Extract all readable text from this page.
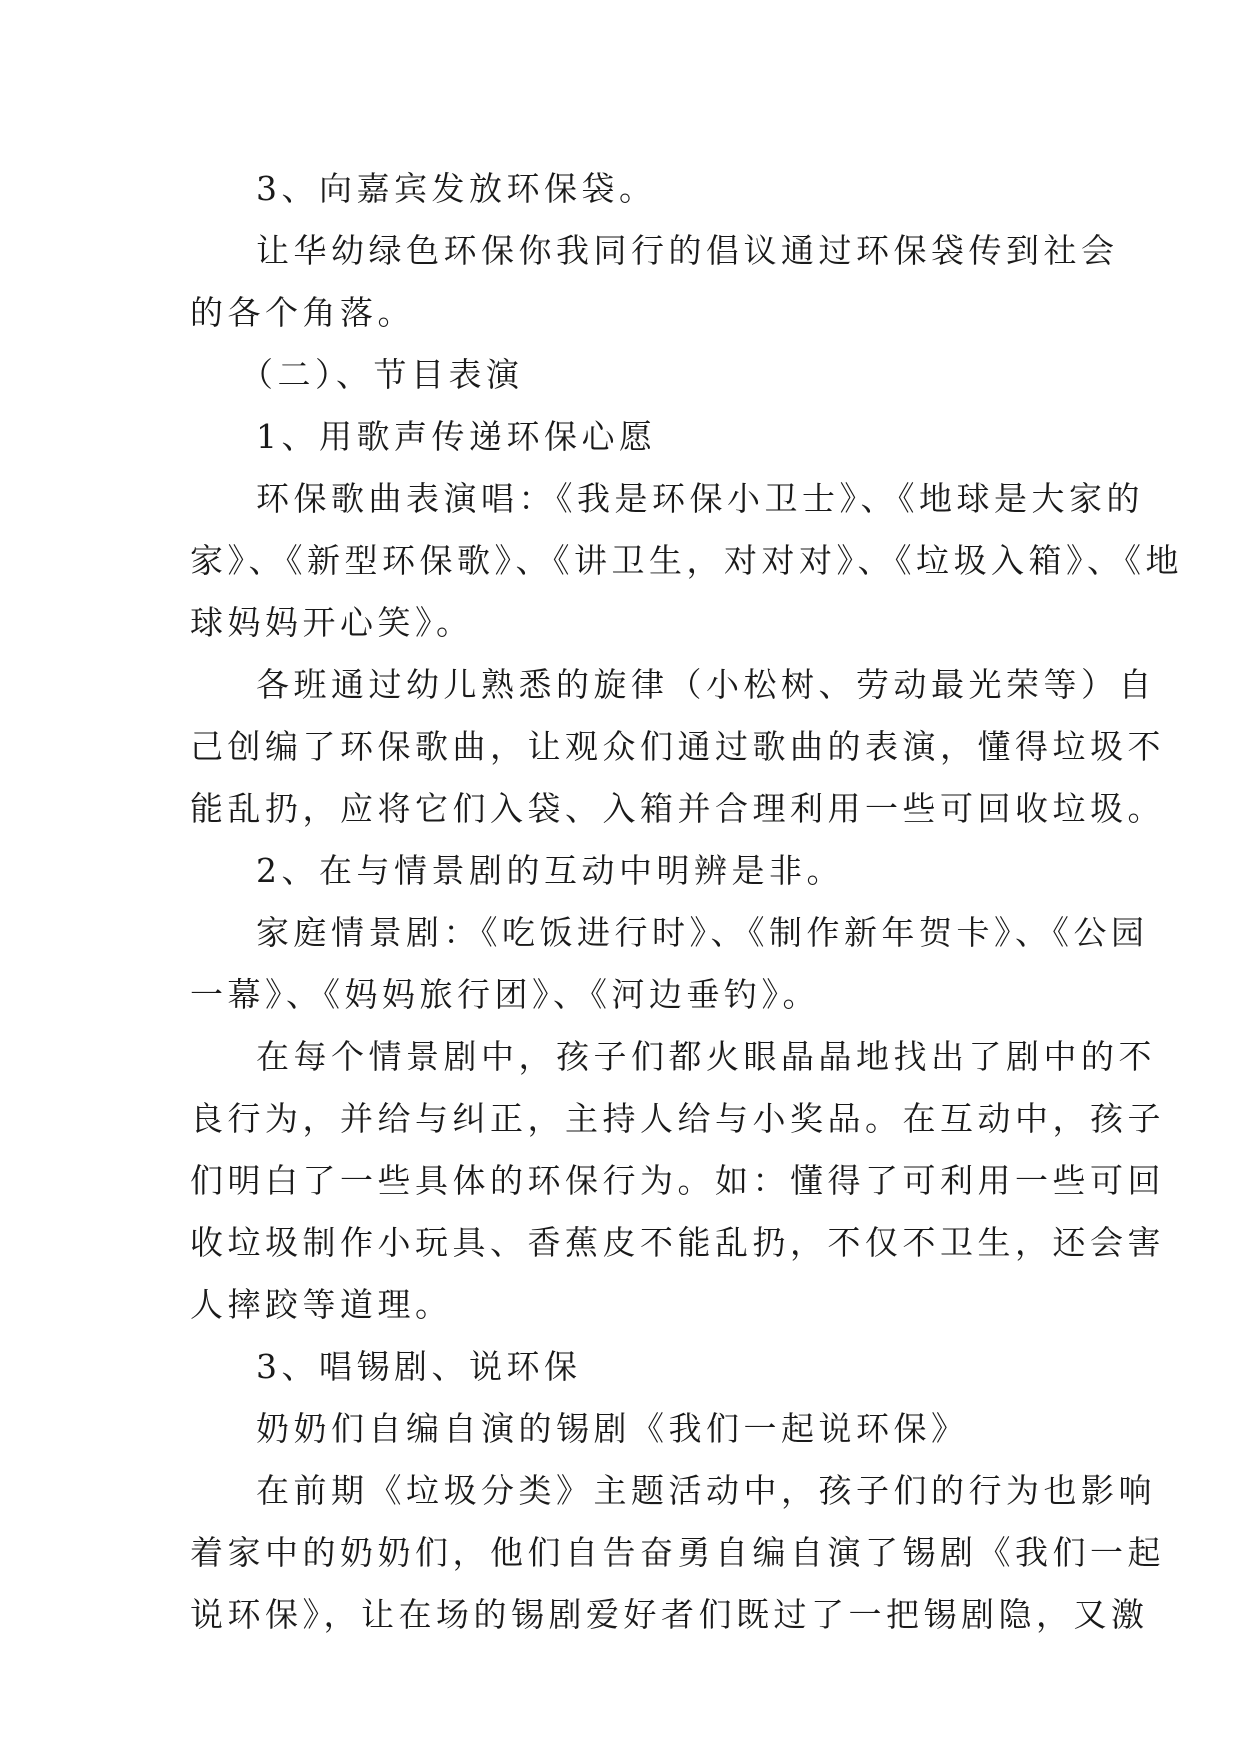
3、向嘉宾发放环保袋。
让华幼绿色环保你我同行的倡议通过环保袋传到社会
的各个角落。
（二）、节目表演
1、用歌声传递环保心愿
环保歌曲表演唱：《我是环保小卫士》、《地球是大家的
家》、《新型环保歌》、《讲卫生，对对对》、《垃圾入箱》、《地
球妈妈开心笑》。
各班通过幼儿熟悉的旋律（小松树、劳动最光荣等）自
己创编了环保歌曲，让观众们通过歌曲的表演，懂得垃圾不
能乱扔，应将它们入袋、入箱并合理利用一些可回收垃圾。
2、在与情景剧的互动中明辨是非。
家庭情景剧：《吃饭进行时》、《制作新年贺卡》、《公园
一幕》、《妈妈旅行团》、《河边垂钓》。
在每个情景剧中，孩子们都火眼晶晶地找出了剧中的不
良行为，并给与纠正，主持人给与小奖品。在互动中，孩子
们明白了一些具体的环保行为。如：懂得了可利用一些可回
收垃圾制作小玩具、香蕉皮不能乱扔，不仅不卫生，还会害
人摔跤等道理。
3、唱锡剧、说环保
奶奶们自编自演的锡剧《我们一起说环保》
在前期《垃圾分类》主题活动中，孩子们的行为也影响
着家中的奶奶们，他们自告奋勇自编自演了锡剧《我们一起
说环保》，让在场的锡剧爱好者们既过了一把锡剧隐，又激
